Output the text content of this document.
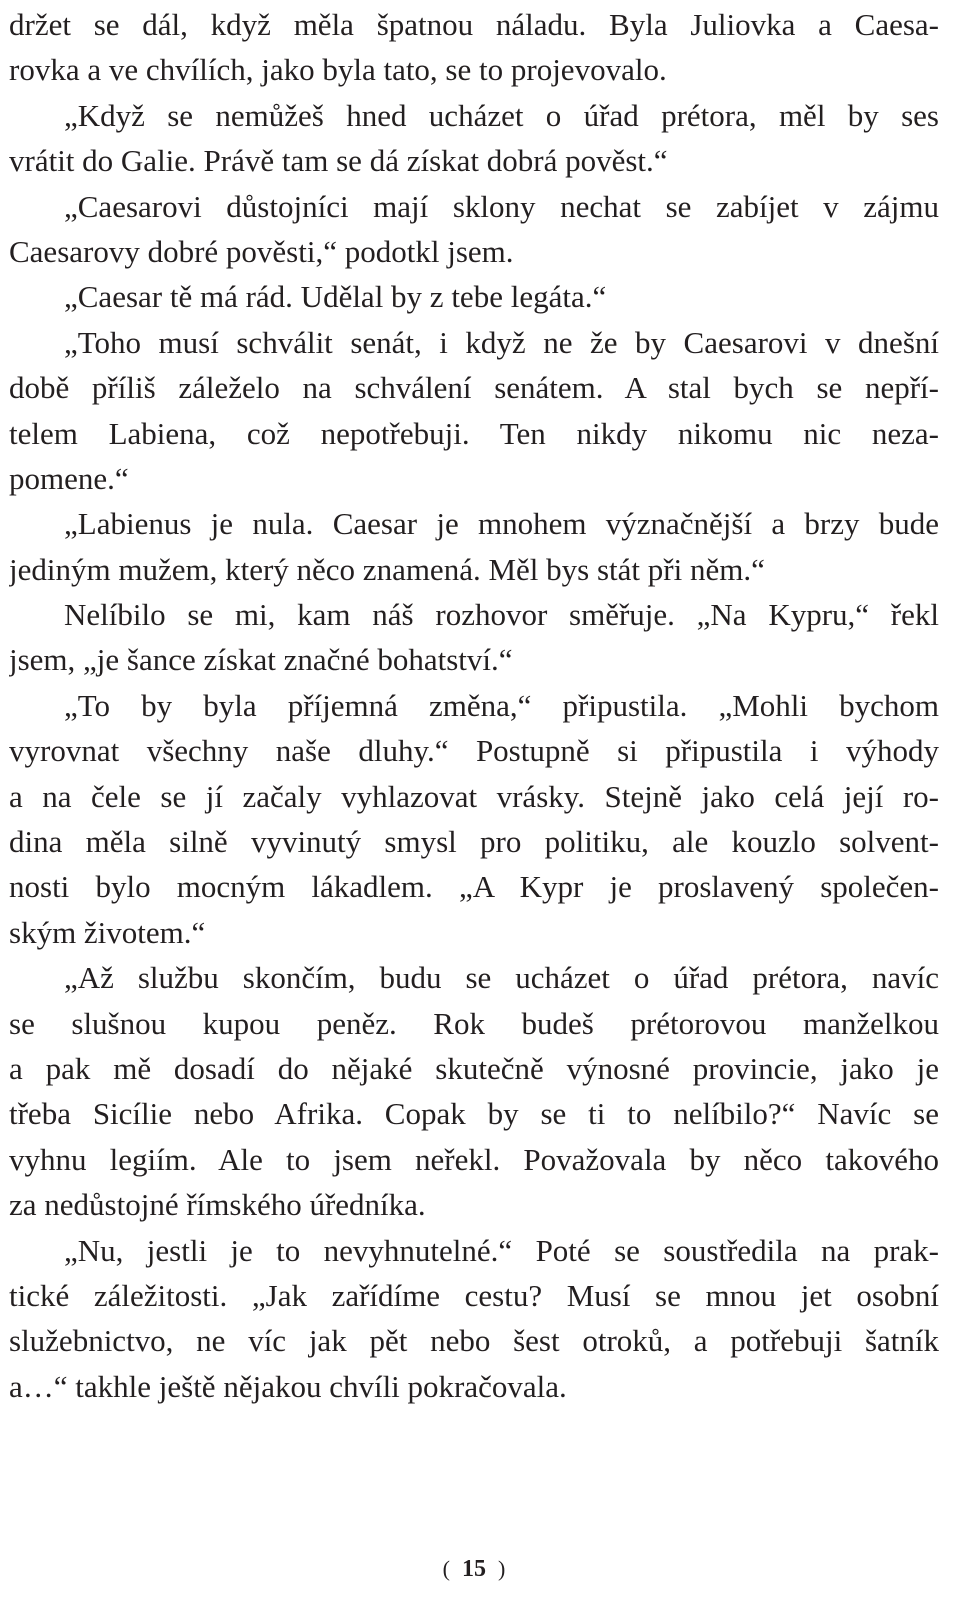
držet se dál, když měla špatnou náladu. Byla Juliovka a Caesa-
rovka a ve chvílích, jako byla tato, se to projevovalo.
„Když se nemůžeš hned ucházet o úřad prétora, měl by ses
vrátit do Galie. Právě tam se dá získat dobrá pověst.“
„Caesarovi důstojníci mají sklony nechat se zabíjet v zájmu
Caesarovy dobré pověsti,“ podotkl jsem.
„Caesar tě má rád. Udělal by z tebe legáta.“
„Toho musí schválit senát, i když ne že by Caesarovi v dnešní
době příliš záleželo na schválení senátem. A stal bych se nepří-
telem Labiena, což nepotřebuji. Ten nikdy nikomu nic neza-
pomene.“
„Labienus je nula. Caesar je mnohem význačnější a brzy bude
jediným mužem, který něco znamená. Měl bys stát při něm.“
Nelíbilo se mi, kam náš rozhovor směřuje. „Na Kypru,“ řekl
jsem, „je šance získat značné bohatství.“
„To by byla příjemná změna,“ připustila. „Mohli bychom
vyrovnat všechny naše dluhy.“ Postupně si připustila i výhody
a na čele se jí začaly vyhlazovat vrásky. Stejně jako celá její ro-
dina měla silně vyvinutý smysl pro politiku, ale kouzlo solvent-
nosti bylo mocným lákadlem. „A Kypr je proslavený společen-
ským životem.“
„Až službu skončím, budu se ucházet o úřad prétora, navíc
se slušnou kupou peněz. Rok budeš prétorovou manželkou
a pak mě dosadí do nějaké skutečně výnosné provincie, jako je
třeba Sicílie nebo Afrika. Copak by se ti to nelíbilo?“ Navíc se
vyhnu legiím. Ale to jsem neřekl. Považovala by něco takového
za nedůstojné římského úředníka.
„Nu, jestli je to nevyhnutelné.“ Poté se soustředila na prak-
tické záležitosti. „Jak zařídíme cestu? Musí se mnou jet osobní
služebnictvo, ne víc jak pět nebo šest otroků, a potřebuji šatník
a…“ takhle ještě nějakou chvíli pokračovala.
( 15 )
